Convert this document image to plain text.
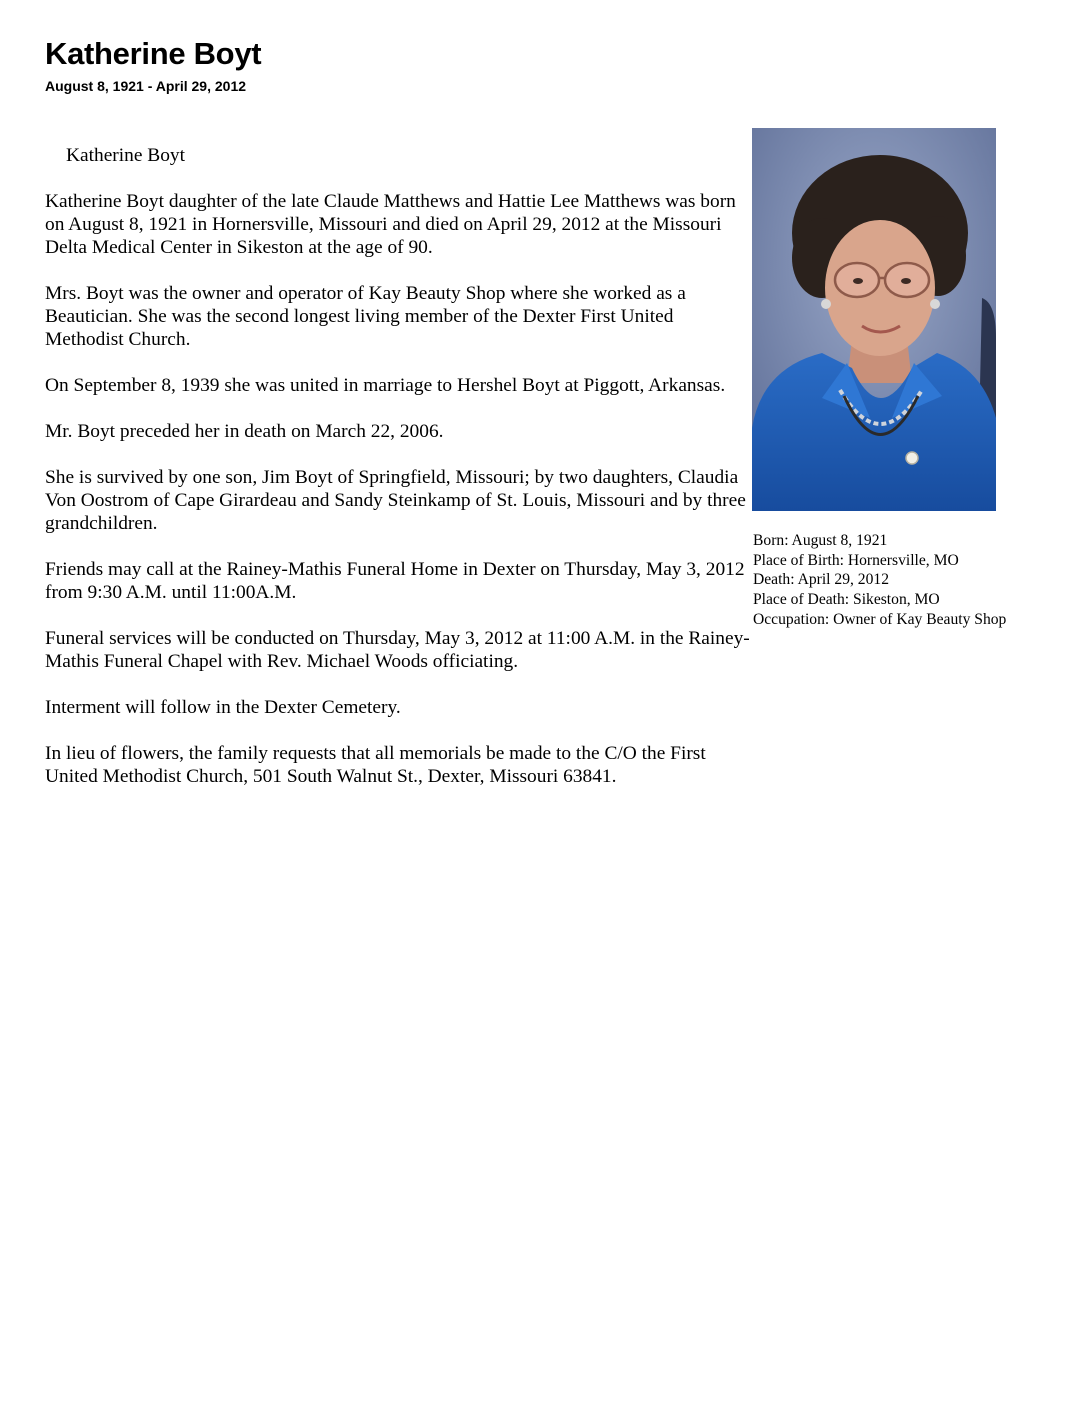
Katherine Boyt
August 8, 1921 - April 29, 2012

Katherine Boyt

Katherine Boyt daughter of the late Claude Matthews and Hattie Lee Matthews was born on August 8, 1921 in Hornersville, Missouri and died on April 29, 2012 at the Missouri Delta Medical Center in Sikeston at the age of 90.

Mrs. Boyt was the owner and operator of Kay Beauty Shop where she worked as a Beautician. She was the second longest living member of the Dexter First United Methodist Church.

On September 8, 1939 she was united in marriage to Hershel Boyt at Piggott, Arkansas.

Mr. Boyt preceded her in death on March 22, 2006.

She is survived by one son, Jim Boyt of Springfield, Missouri; by two daughters, Claudia Von Oostrom of Cape Girardeau and Sandy Steinkamp of St. Louis, Missouri and by three grandchildren.

Friends may call at the Rainey-Mathis Funeral Home in Dexter on Thursday, May 3, 2012 from 9:30 A.M. until 11:00A.M.

Funeral services will be conducted on Thursday, May 3, 2012 at 11:00 A.M. in the Rainey-Mathis Funeral Chapel with Rev. Michael Woods officiating.

Interment will follow in the Dexter Cemetery.

In lieu of flowers, the family requests that all memorials be made to the C/O the First United Methodist Church, 501 South Walnut St., Dexter, Missouri 63841.

Born: August 8, 1921
Place of Birth: Hornersville, MO
Death: April 29, 2012
Place of Death: Sikeston, MO
Occupation: Owner of Kay Beauty Shop
